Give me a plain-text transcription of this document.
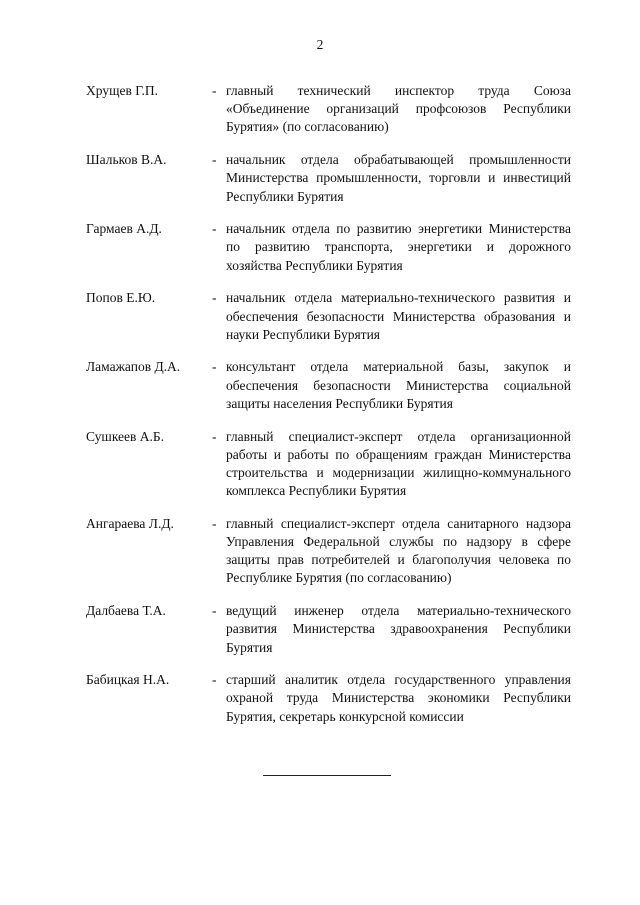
2
Хрущев Г.П.	- главный технический инспектор труда Союза «Объединение организаций профсоюзов Республики Бурятия» (по согласованию)
Шальков В.А.	- начальник отдела обрабатывающей промышленности Министерства промышленности, торговли и инвестиций Республики Бурятия
Гармаев А.Д.	- начальник отдела по развитию энергетики Министерства по развитию транспорта, энергетики и дорожного хозяйства Республики Бурятия
Попов Е.Ю.	- начальник отдела материально-технического развития и обеспечения безопасности Министерства образования и науки Республики Бурятия
Ламажапов Д.А.	- консультант отдела материальной базы, закупок и обеспечения безопасности Министерства социальной защиты населения Республики Бурятия
Сушкеев А.Б.	- главный специалист-эксперт отдела организационной работы и работы по обращениям граждан Министерства строительства и модернизации жилищно-коммунального комплекса Республики Бурятия
Ангараева Л.Д.	- главный специалист-эксперт отдела санитарного надзора Управления Федеральной службы по надзору в сфере защиты прав потребителей и благополучия человека по Республике Бурятия (по согласованию)
Далбаева Т.А.	- ведущий инженер отдела материально-технического развития Министерства здравоохранения Республики Бурятия
Бабицкая Н.А.	- старший аналитик отдела государственного управления охраной труда Министерства экономики Республики Бурятия, секретарь конкурсной комиссии
